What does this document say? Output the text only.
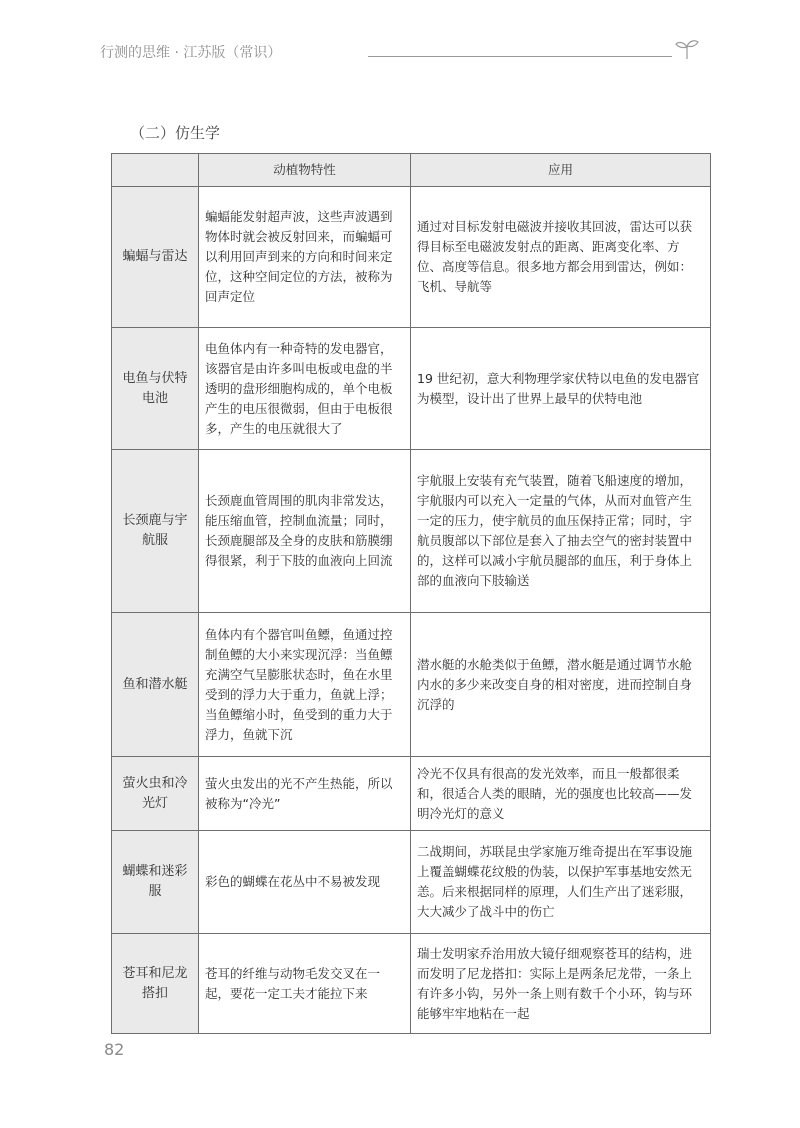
行测的思维 · 江苏版（常识）
（二）仿生学
	动植物特性	应用
蝙蝠与雷达	蝙蝠能发射超声波，这些声波遇到物体时就会被反射回来，而蝙蝠可以利用回声到来的方向和时间来定位，这种空间定位的方法，被称为回声定位	通过对目标发射电磁波并接收其回波，雷达可以获得目标至电磁波发射点的距离、距离变化率、方位、高度等信息。很多地方都会用到雷达，例如：飞机、导航等
电鱼与伏特电池	电鱼体内有一种奇特的发电器官，该器官是由许多叫电板或电盘的半透明的盘形细胞构成的，单个电板产生的电压很微弱，但由于电板很多，产生的电压就很大了	19 世纪初，意大利物理学家伏特以电鱼的发电器官为模型，设计出了世界上最早的伏特电池
长颈鹿与宇航服	长颈鹿血管周围的肌肉非常发达，能压缩血管，控制血流量；同时，长颈鹿腿部及全身的皮肤和筋膜绷得很紧，利于下肢的血液向上回流	宇航服上安装有充气装置，随着飞船速度的增加，宇航服内可以充入一定量的气体，从而对血管产生一定的压力，使宇航员的血压保持正常；同时，宇航员腹部以下部位是套入了抽去空气的密封装置中的，这样可以减小宇航员腿部的血压，利于身体上部的血液向下肢输送
鱼和潜水艇	鱼体内有个器官叫鱼鳔，鱼通过控制鱼鳔的大小来实现沉浮：当鱼鳔充满空气呈膨胀状态时，鱼在水里受到的浮力大于重力，鱼就上浮；当鱼鳔缩小时，鱼受到的重力大于浮力，鱼就下沉	潜水艇的水舱类似于鱼鳔，潜水艇是通过调节水舱内水的多少来改变自身的相对密度，进而控制自身沉浮的
萤火虫和冷光灯	萤火虫发出的光不产生热能，所以被称为“冷光”	冷光不仅具有很高的发光效率，而且一般都很柔和，很适合人类的眼睛，光的强度也比较高——发明冷光灯的意义
蝴蝶和迷彩服	彩色的蝴蝶在花丛中不易被发现	二战期间，苏联昆虫学家施万维奇提出在军事设施上覆盖蝴蝶花纹般的伪装，以保护军事基地安然无恙。后来根据同样的原理，人们生产出了迷彩服，大大减少了战斗中的伤亡
苍耳和尼龙搭扣	苍耳的纤维与动物毛发交叉在一起，要花一定工夫才能拉下来	瑞士发明家乔治用放大镜仔细观察苍耳的结构，进而发明了尼龙搭扣：实际上是两条尼龙带，一条上有许多小钩，另外一条上则有数千个小环，钩与环能够牢牢地粘在一起
82
